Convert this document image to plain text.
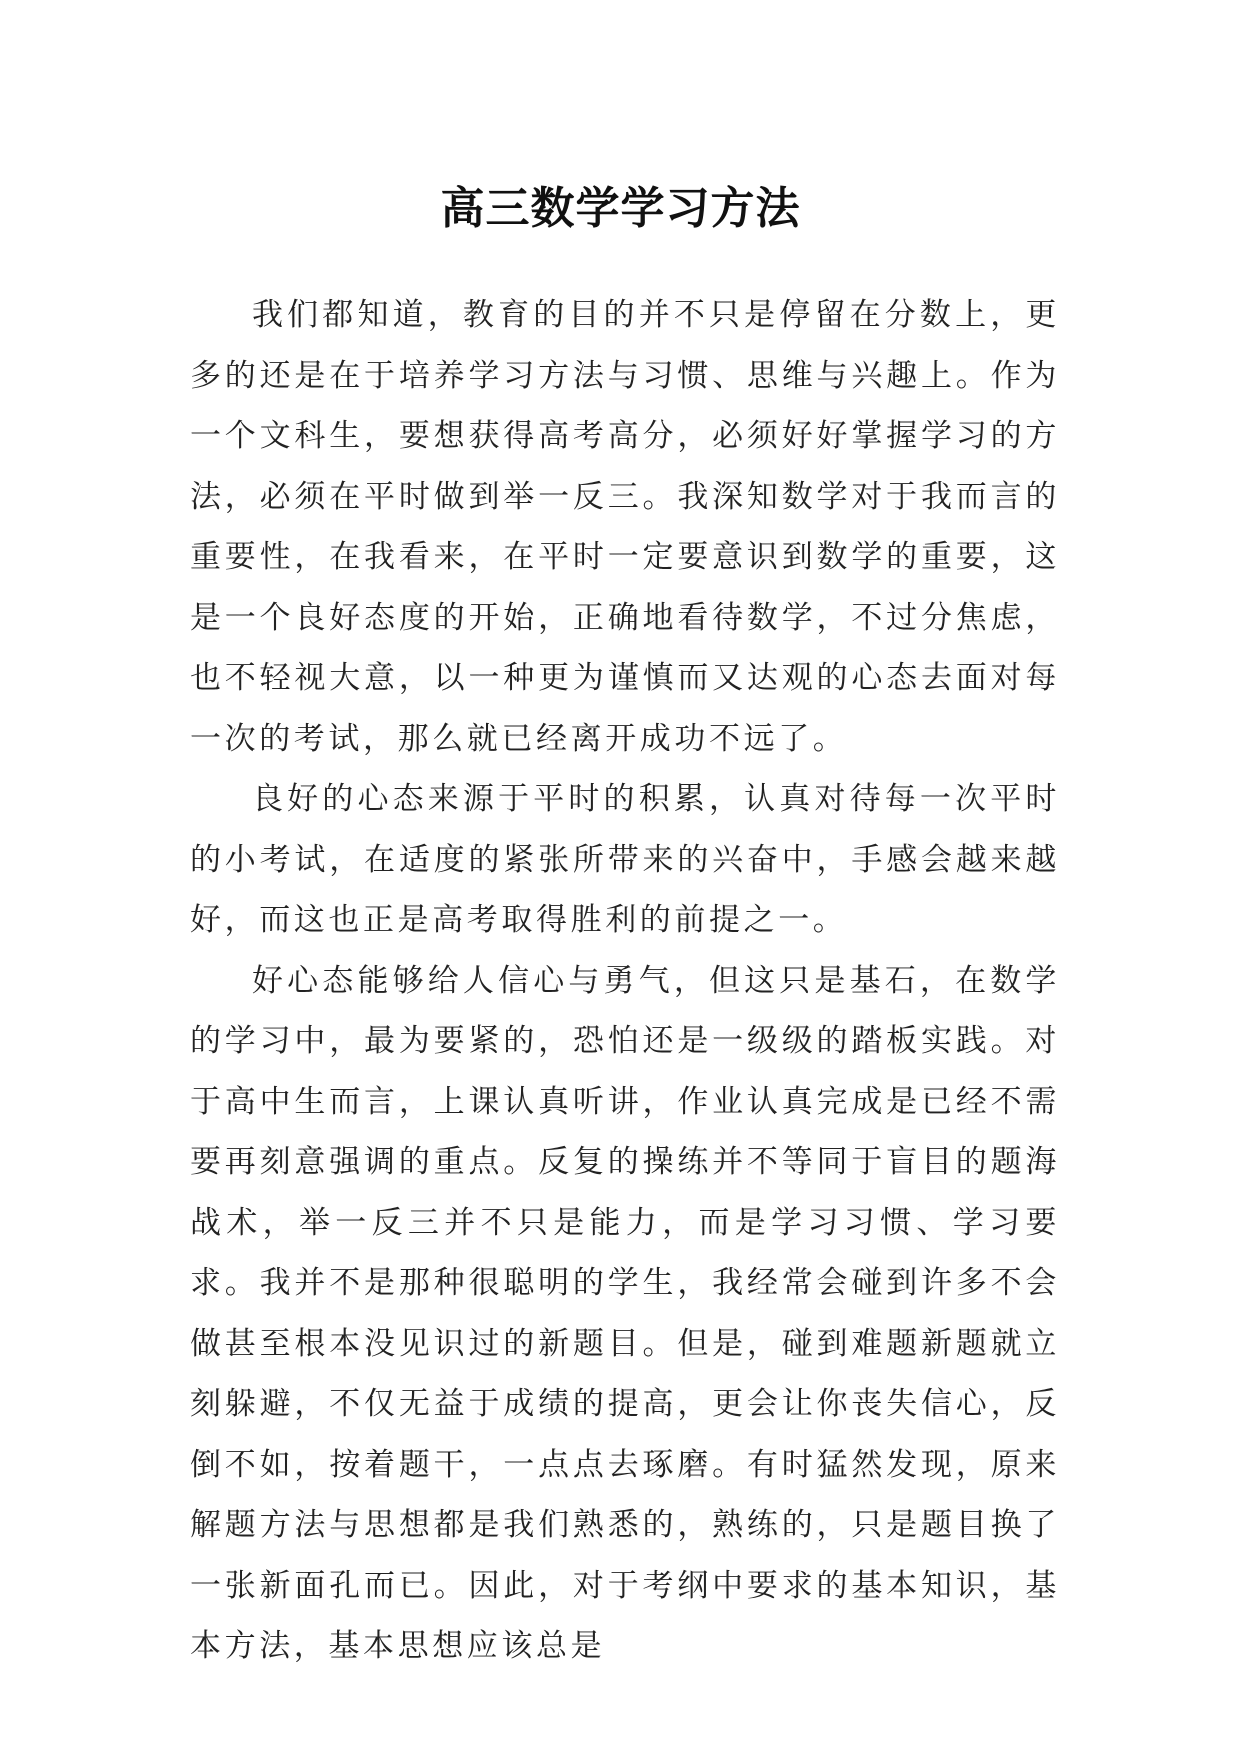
高三数学学习方法

我们都知道，教育的目的并不只是停留在分数上，更多的还是在于培养学习方法与习惯、思维与兴趣上。作为一个文科生，要想获得高考高分，必须好好掌握学习的方法，必须在平时做到举一反三。我深知数学对于我而言的重要性，在我看来，在平时一定要意识到数学的重要，这是一个良好态度的开始，正确地看待数学，不过分焦虑，也不轻视大意，以一种更为谨慎而又达观的心态去面对每一次的考试，那么就已经离开成功不远了。

良好的心态来源于平时的积累，认真对待每一次平时的小考试，在适度的紧张所带来的兴奋中，手感会越来越好，而这也正是高考取得胜利的前提之一。

好心态能够给人信心与勇气，但这只是基石，在数学的学习中，最为要紧的，恐怕还是一级级的踏板实践。对于高中生而言，上课认真听讲，作业认真完成是已经不需要再刻意强调的重点。反复的操练并不等同于盲目的题海战术，举一反三并不只是能力，而是学习习惯、学习要求。我并不是那种很聪明的学生，我经常会碰到许多不会做甚至根本没见识过的新题目。但是，碰到难题新题就立刻躲避，不仅无益于成绩的提高，更会让你丧失信心，反倒不如，按着题干，一点点去琢磨。有时猛然发现，原来解题方法与思想都是我们熟悉的，熟练的，只是题目换了一张新面孔而已。因此，对于考纲中要求的基本知识，基本方法，基本思想应该总是
